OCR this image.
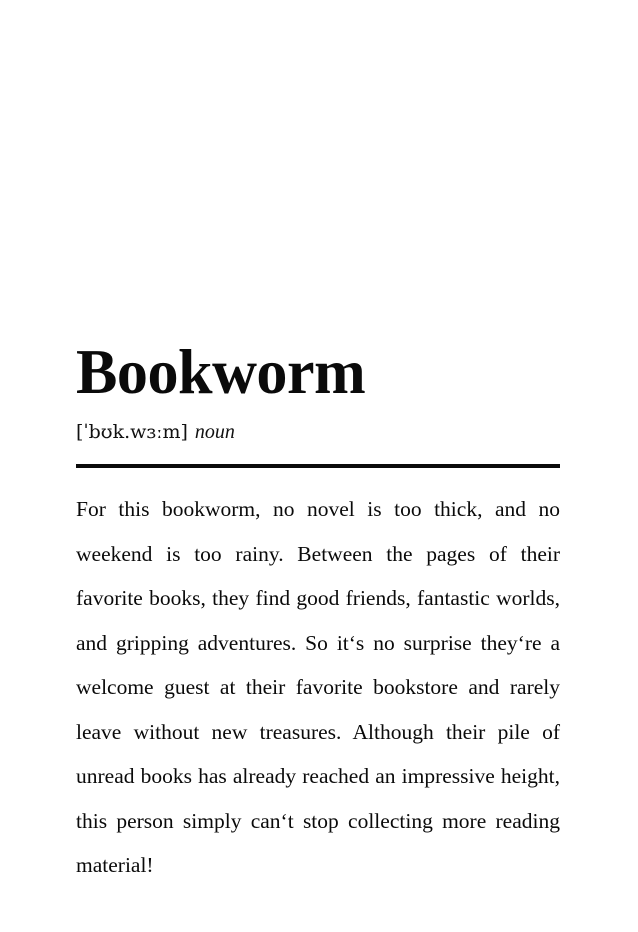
Bookworm

[ˈbʊk.wɜːm] noun

For this bookworm, no novel is too thick, and no weekend is too rainy. Between the pages of their favorite books, they find good friends, fantastic worlds, and gripping adventures. So it‘s no surprise they‘re a welcome guest at their favorite bookstore and rarely leave without new treasures. Although their pile of unread books has already reached an impressive height, this person simply can‘t stop collecting more reading material!
